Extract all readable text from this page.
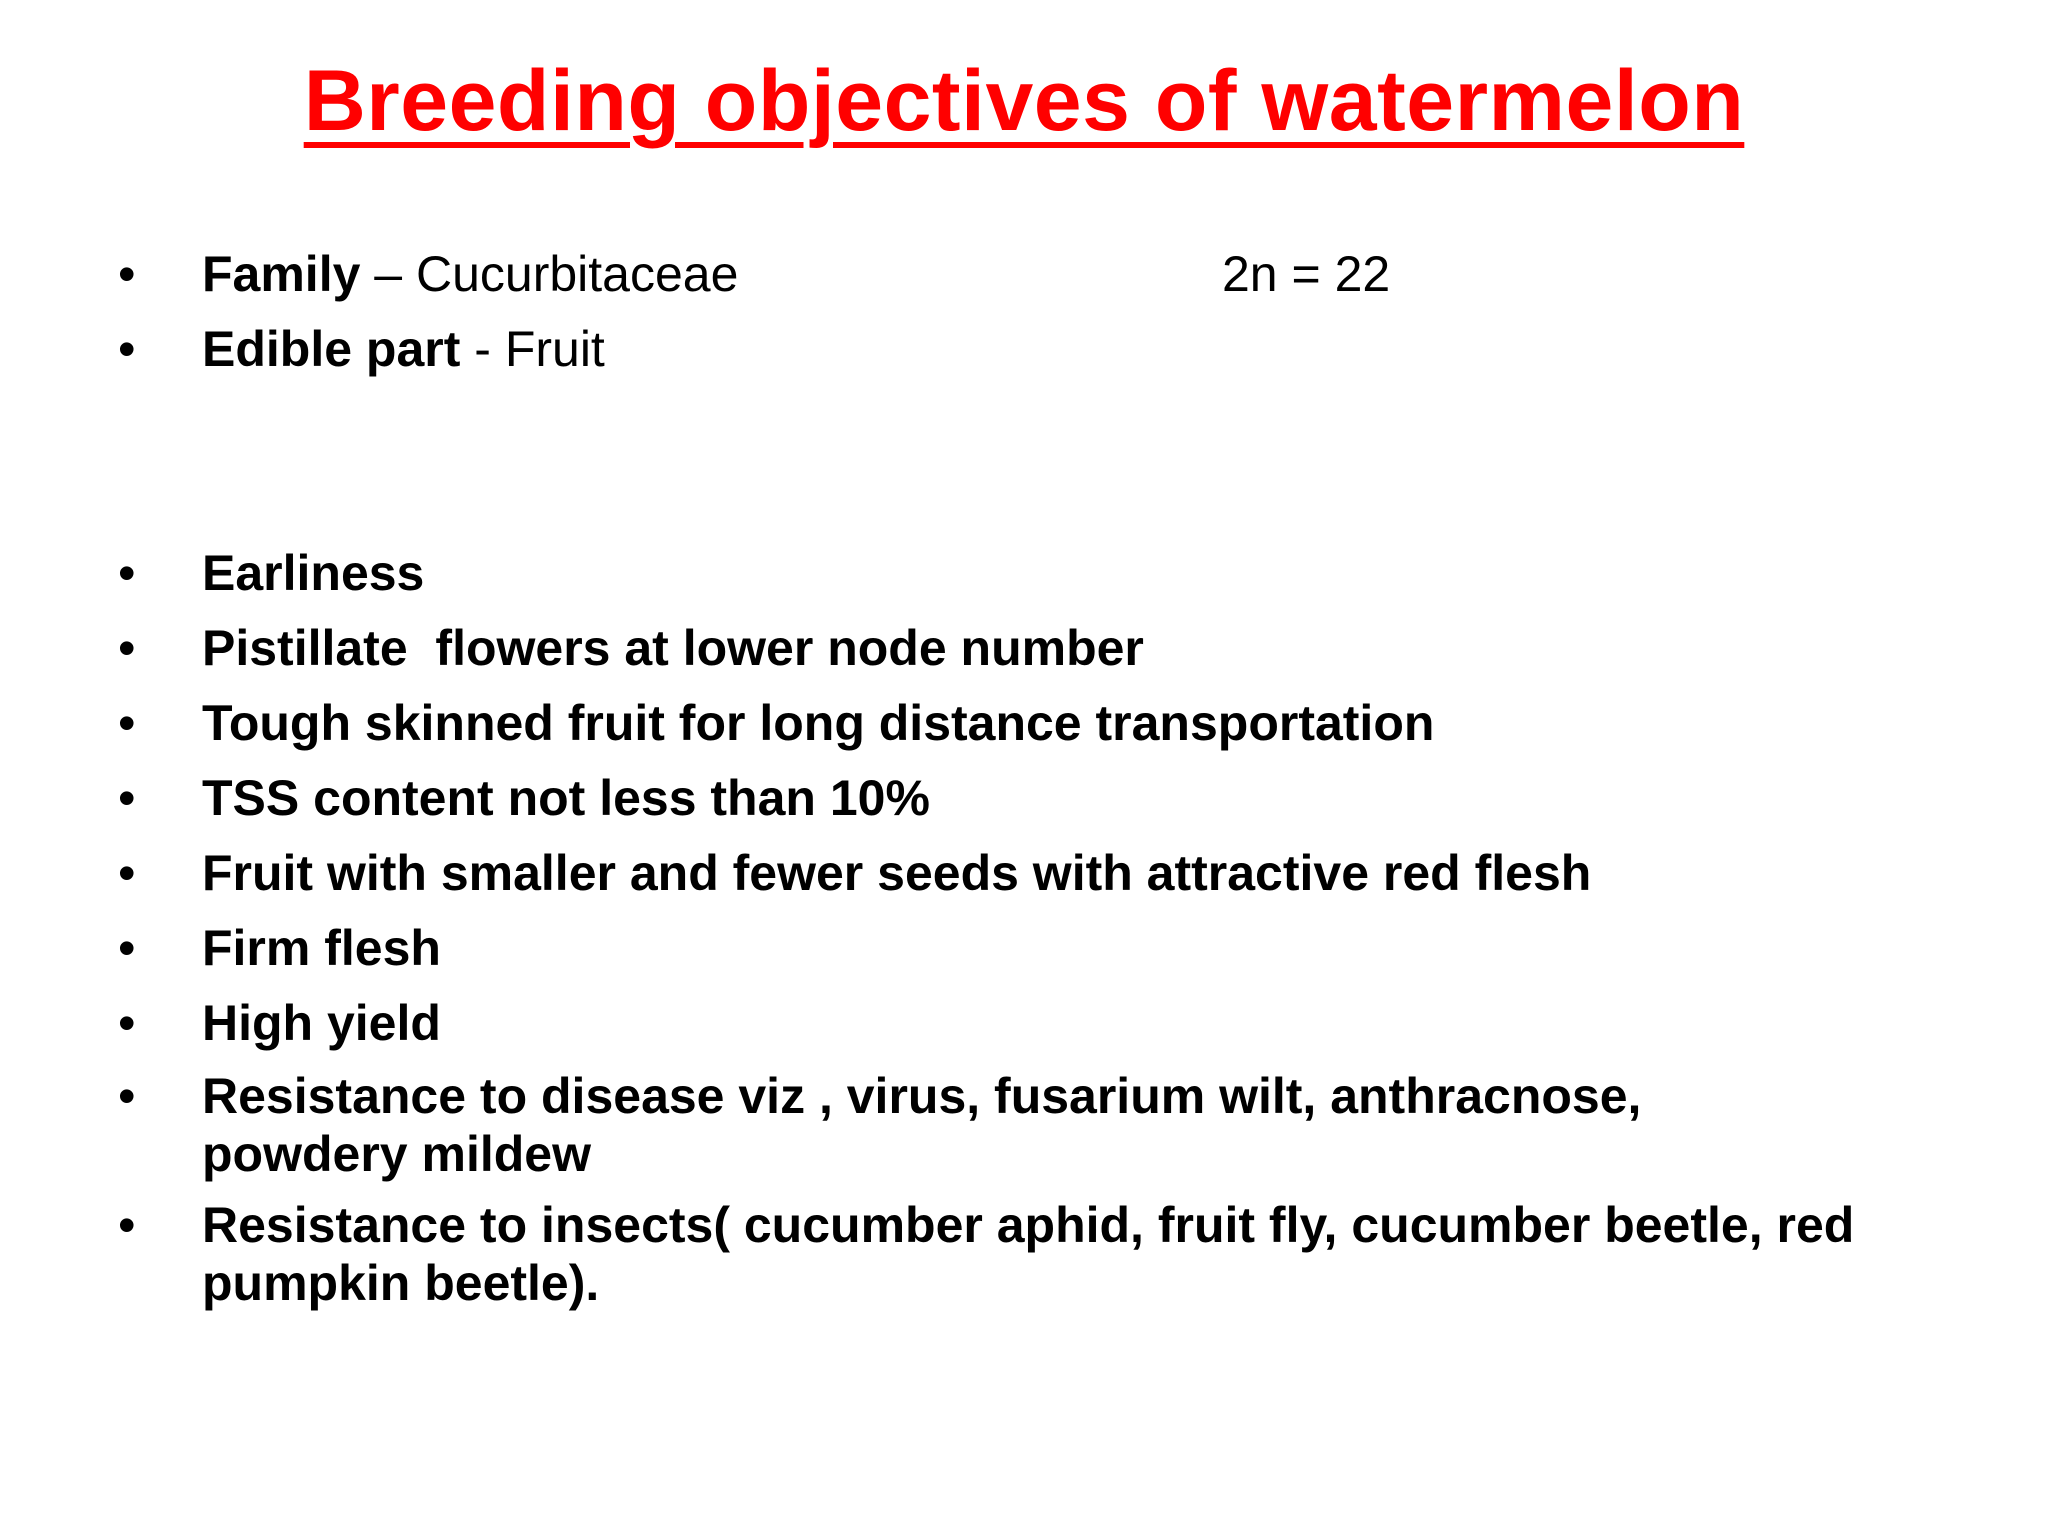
Breeding objectives of watermelon
•	Family – Cucurbitaceae	2n = 22
•	Edible part - Fruit
•	Earliness
•	Pistillate  flowers at lower node number
•	Tough skinned fruit for long distance transportation
•	TSS content not less than 10%
•	Fruit with smaller and fewer seeds with attractive red flesh
•	Firm flesh
•	High yield
•	Resistance to disease viz , virus, fusarium wilt, anthracnose, powdery mildew
•	Resistance to insects( cucumber aphid, fruit fly, cucumber beetle, red pumpkin beetle).
